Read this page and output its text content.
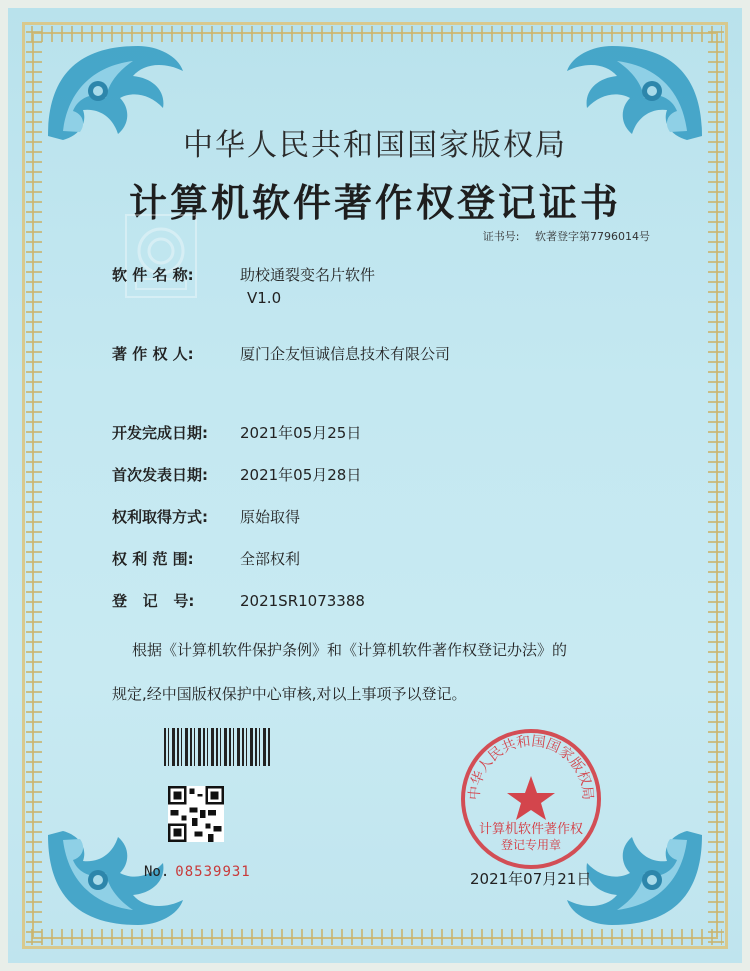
中华人民共和国国家版权局
计算机软件著作权登记证书
证书号: 软著登字第7796014号
软 件 名 称:	助校通裂变名片软件
V1.0
著 作 权 人:	厦门企友恒诚信息技术有限公司
开发完成日期: 2021年05月25日
首次发表日期: 2021年05月28日
权利取得方式: 原始取得
权 利 范 围:	全部权利
登   记   号:	2021SR1073388
根据《计算机软件保护条例》和《计算机软件著作权登记办法》的
规定,经中国版权保护中心审核,对以上事项予以登记。
No. 08539931
中华人民共和国国家版权局
计算机软件著作权
登记专用章
2021年07月21日
